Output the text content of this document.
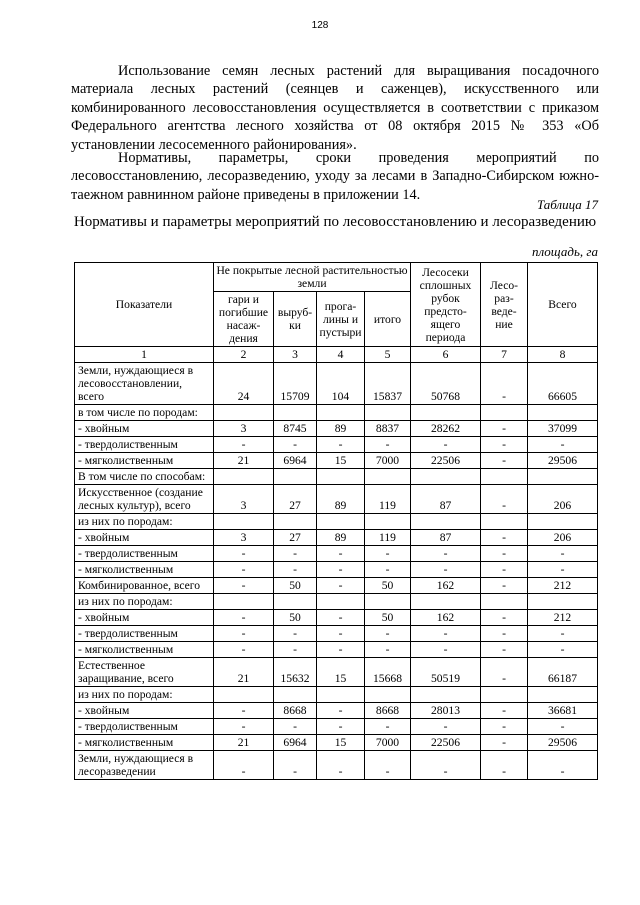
128

Использование семян лесных растений для выращивания посадочного материала лесных растений (сеянцев и саженцев), искусственного или комбинированного лесовосстановления осуществляется в соответствии с приказом Федерального агентства лесного хозяйства от 08 октября 2015 № 353 «Об установлении лесосеменного районирования».

Нормативы, параметры, сроки проведения мероприятий по лесовосстановлению, лесоразведению, уходу за лесами в Западно-Сибирском южно-таежном равнинном районе приведены в приложении 14.

Таблица 17
Нормативы и параметры мероприятий по лесовосстановлению и лесоразведению
площадь, га
Показатели	Не покрытые лесной растительностью земли				Лесосеки сплошных рубок предсто-ящего периода	Лесо-раз-веде-ние	Всего
	гари и погибшие насаж-дения	выруб-ки	прога-лины и пустыри	итого			
1	2	3	4	5	6	7	8
Земли, нуждающиеся в лесовосстановлении, всего	24	15709	104	15837	50768	-	66605
в том числе по породам:							
- хвойным	3	8745	89	8837	28262	-	37099
- твердолиственным	-	-	-	-	-	-	-
- мягколиственным	21	6964	15	7000	22506	-	29506
В том числе по способам:							
Искусственное (создание лесных культур), всего	3	27	89	119	87	-	206
из них по породам:							
- хвойным	3	27	89	119	87	-	206
- твердолиственным	-	-	-	-	-	-	-
- мягколиственным	-	-	-	-	-	-	-
Комбинированное, всего	-	50	-	50	162	-	212
из них по породам:							
- хвойным	-	50	-	50	162	-	212
- твердолиственным	-	-	-	-	-	-	-
- мягколиственным	-	-	-	-	-	-	-
Естественное заращивание, всего	21	15632	15	15668	50519	-	66187
из них по породам:							
- хвойным	-	8668	-	8668	28013	-	36681
- твердолиственным	-	-	-	-	-	-	-
- мягколиственным	21	6964	15	7000	22506	-	29506
Земли, нуждающиеся в лесоразведении	-	-	-	-	-	-	-
